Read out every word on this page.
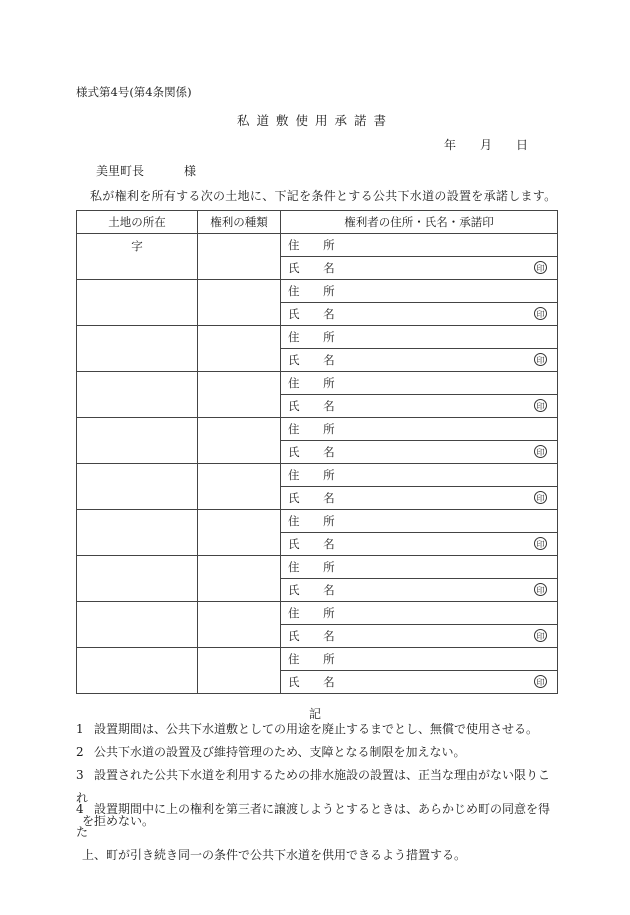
様式第4号(第4条関係)
私道敷使用承諾書
年 月 日
美里町長	様
私が権利を所有する次の土地に、下記を条件とする公共下水道の設置を承諾します。
土地の所在	権利の種類	権利者の住所・氏名・承諾印
字		住 所
		氏 名 印

		住 所
		氏 名 印

		住 所
		氏 名 印

		住 所
		氏 名 印

		住 所
		氏 名 印

		住 所
		氏 名 印

		住 所
		氏 名 印

		住 所
		氏 名 印

		住 所
		氏 名 印

		住 所
		氏 名 印
記
1 設置期間は、公共下水道敷としての用途を廃止するまでとし、無償で使用させる。
2 公共下水道の設置及び維持管理のため、支障となる制限を加えない。
3 設置された公共下水道を利用するための排水施設の設置は、正当な理由がない限りこれ
を拒めない。
4 設置期間中に上の権利を第三者に譲渡しようとするときは、あらかじめ町の同意を得た
上、町が引き続き同一の条件で公共下水道を供用できるよう措置する。
